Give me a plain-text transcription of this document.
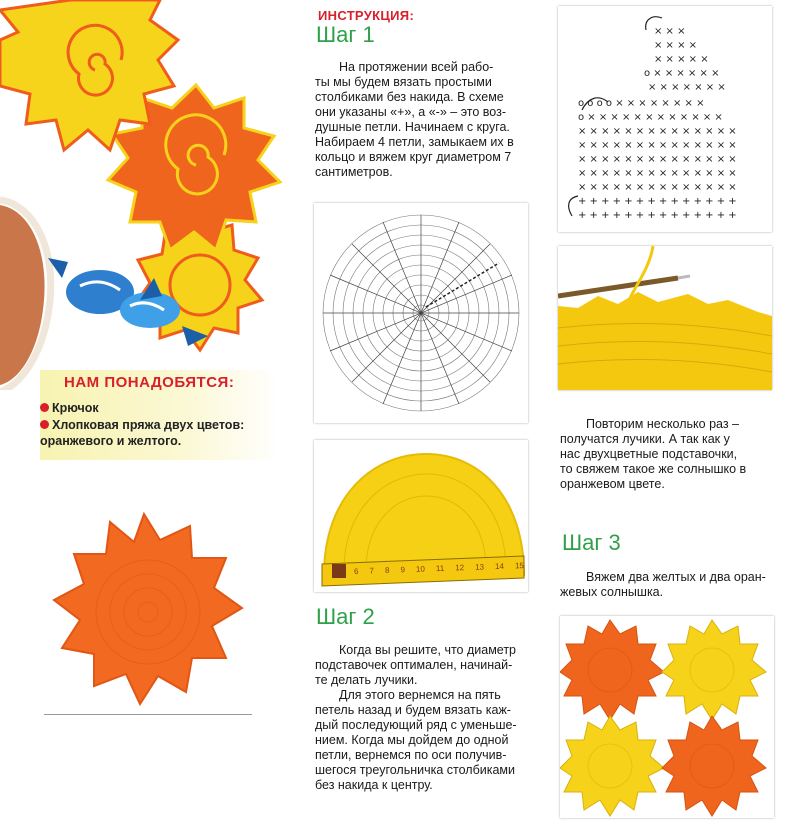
НАМ ПОНАДОБЯТСЯ:
Крючок
Хлопковая пряжа двух цветов:
оранжевого и желтого.
ИНСТРУКЦИЯ:
Шаг 1
На протяжении всей рабо-
ты мы будем вязать простыми
столбиками без накида. В схеме
они указаны «+», а «-» – это воз-
душные петли. Начинаем с круга.
Набираем 4 петли, замыкаем их в
кольцо и вяжем круг диаметром 7
сантиметров.
6 7 8 9 10 11 12 13 14 15
Шаг 2
Когда вы решите, что диаметр
подставочек оптимален, начинай-
те делать лучики.
Для этого вернемся на пять
петель назад и будем вязать каж-
дый последующий ряд с уменьше-
нием. Когда мы дойдем до одной
петли, вернемся по оси получив-
шегося треугольничка столбиками
без накида к центру.
× × ×
× × × ×
× × × × ×
o × × × × × ×
× × × × × × ×
o o o o × × × × × × × ×
o × × × × × × × × × × × ×
× × × × × × × × × × × × × ×
× × × × × × × × × × × × × ×
× × × × × × × × × × × × × ×
× × × × × × × × × × × × × ×
× × × × × × × × × × × × × ×
+ + + + + + + + + + + + + +
+ + + + + + + + + + + + + +
Повторим несколько раз –
получатся лучики. А так как у
нас двухцветные подставочки,
то свяжем такое же солнышко в
оранжевом цвете.
Шаг 3
Вяжем два желтых и два оран-
жевых солнышка.
